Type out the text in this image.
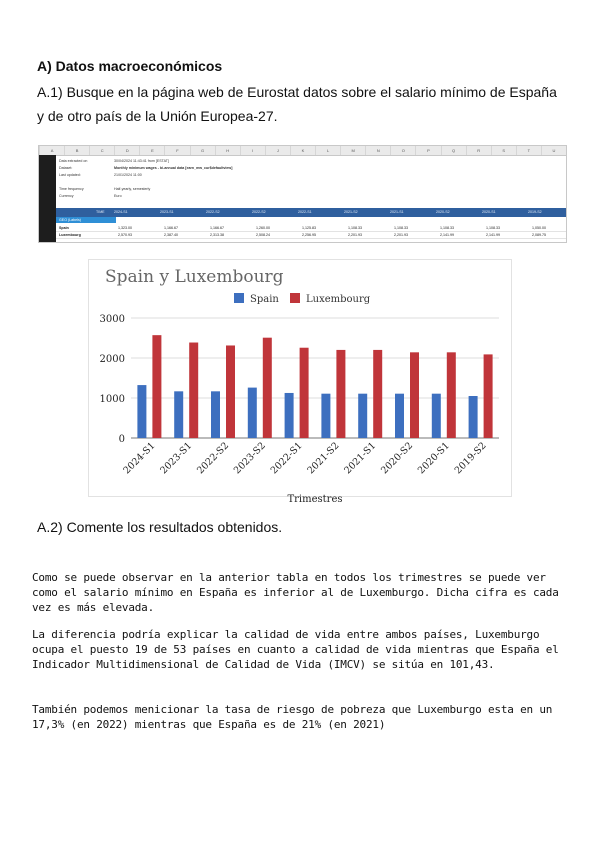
A) Datos macroeconómicos
A.1) Busque en la página web de Eurostat datos sobre el salario mínimo de España y de otro país de la Unión Europea-27.
A	B	C	D	E	F	G	H	I	J	K	L	M	N	O	P	Q	R	S	T	U
Data extracted on	30/04/2024 11:43:41 from [ESTAT]
Dataset:	Monthly minimum wages - bi-annual data [earn_mw_cur$defaultview]
Last updated:	21/01/2024 11:00
Time frequency	Half-yearly, semesterly
Currency	Euro
TIME	2024-S1	2023-S1	2022-S2	2022-S2	2022-S1	2021-S2	2021-S1	2020-S2	2020-S1	2019-S2
GEO (Labels)
Spain	1,323.00	1,166.67	1,166.67	1,260.00	1,125.83	1,108.33	1,108.33	1,108.33	1,108.33	1,050.00
Luxembourg	2,570.93	2,387.40	2,313.38	2,508.24	2,256.95	2,201.93	2,201.93	2,141.99	2,141.99	2,089.75
Spain y Luxembourg
Spain	Luxembourg
0
1000
2000
3000
2024-S1 2023-S1 2022-S2 2023-S2 2022-S1 2021-S2 2021-S1 2020-S2 2020-S1 2019-S2
Trimestres
A.2) Comente los resultados obtenidos.
Como se puede observar en la anterior tabla en todos los trimestres se puede ver como el salario mínimo en España es inferior al de Luxemburgo. Dicha cifra es cada vez es más elevada.
La diferencia podría explicar la calidad de vida entre ambos países, Luxemburgo ocupa el puesto 19 de 53 países en cuanto a calidad de vida mientras que España el Indicador Multidimensional de Calidad de Vida (IMCV) se sitúa en 101,43.
También podemos menicionar la tasa de riesgo de pobreza que Luxemburgo esta en un 17,3% (en 2022) mientras que España es de 21% (en 2021)
